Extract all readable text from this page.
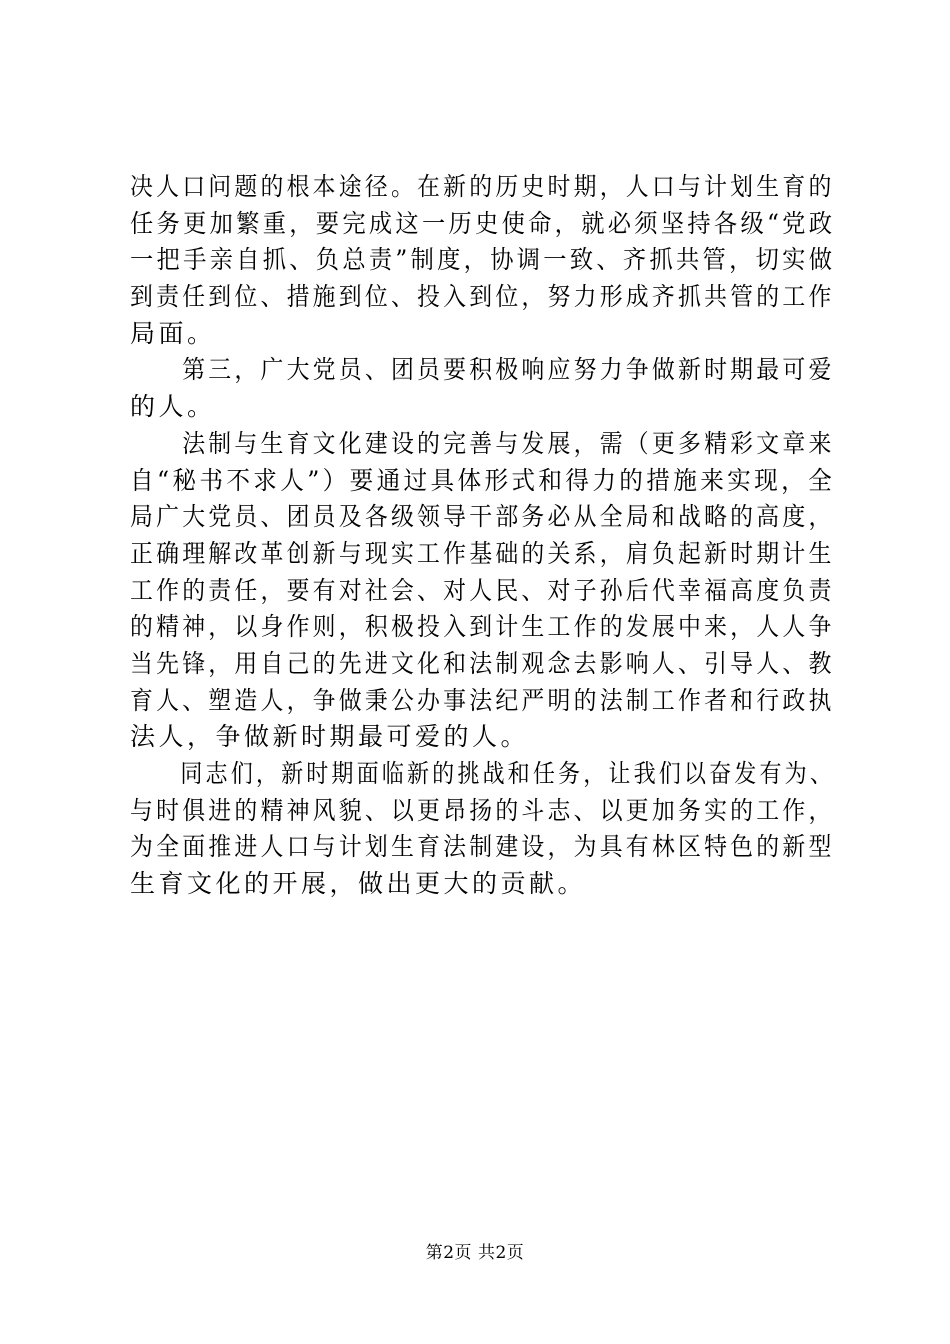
决人口问题的根本途径。在新的历史时期，人口与计划生育的
任务更加繁重，要完成这一历史使命，就必须坚持各级“党政
一把手亲自抓、负总责”制度，协调一致、齐抓共管，切实做
到责任到位、措施到位、投入到位，努力形成齐抓共管的工作
局面。
　　第三，广大党员、团员要积极响应努力争做新时期最可爱
的人。
　　法制与生育文化建设的完善与发展，需（更多精彩文章来
自“秘书不求人”）要通过具体形式和得力的措施来实现，全
局广大党员、团员及各级领导干部务必从全局和战略的高度，
正确理解改革创新与现实工作基础的关系，肩负起新时期计生
工作的责任，要有对社会、对人民、对子孙后代幸福高度负责
的精神，以身作则，积极投入到计生工作的发展中来，人人争
当先锋，用自己的先进文化和法制观念去影响人、引导人、教
育人、塑造人，争做秉公办事法纪严明的法制工作者和行政执
法人，争做新时期最可爱的人。
　　同志们，新时期面临新的挑战和任务，让我们以奋发有为、
与时俱进的精神风貌、以更昂扬的斗志、以更加务实的工作，
为全面推进人口与计划生育法制建设，为具有林区特色的新型
生育文化的开展，做出更大的贡献。
第2页 共2页
